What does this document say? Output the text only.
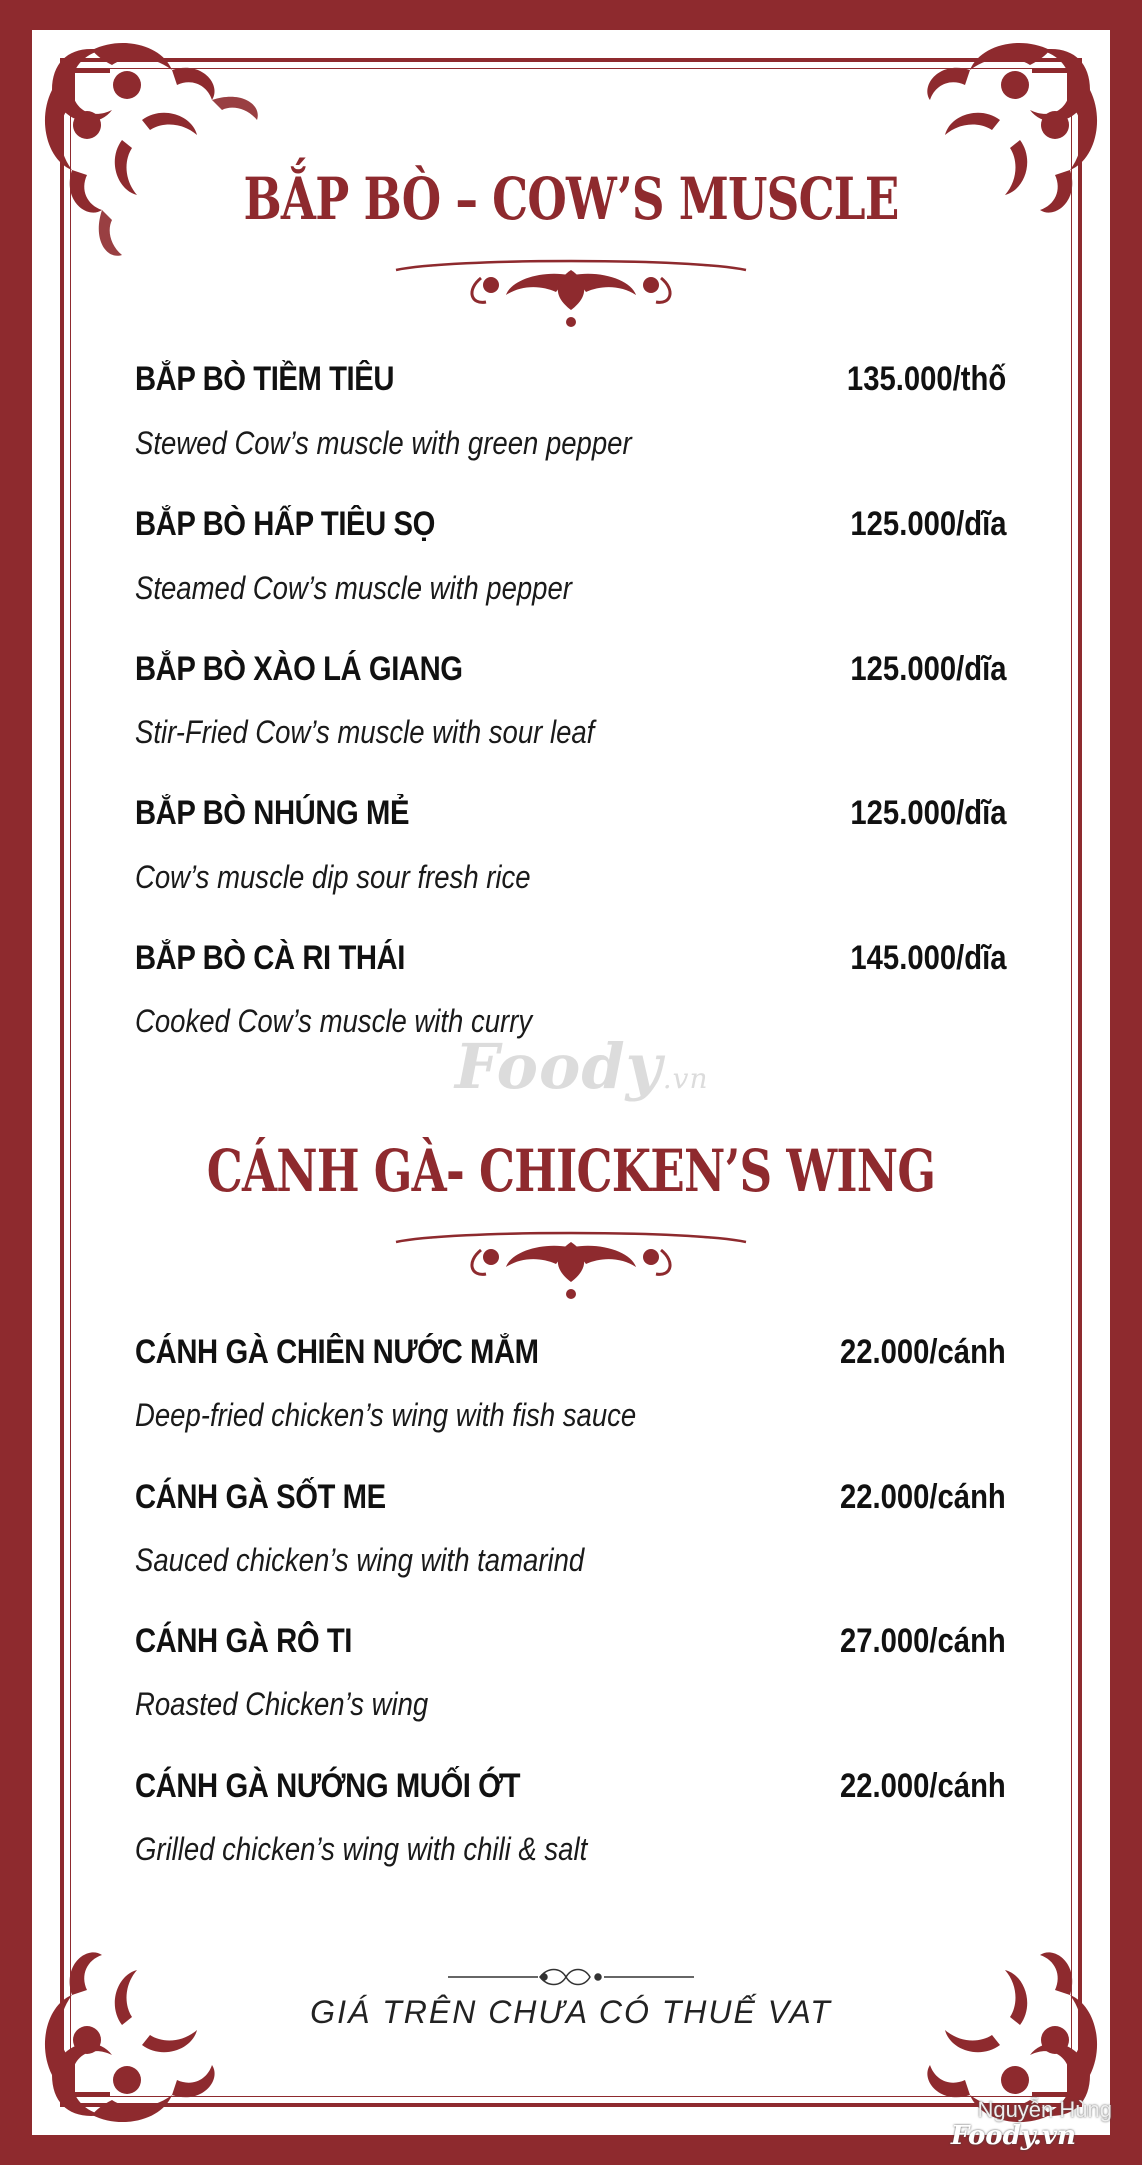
BẮP BÒ – COW’S MUSCLE
BẮP BÒ TIỀM TIÊU	135.000/thố
Stewed Cow’s muscle with green pepper
BẮP BÒ HẤP TIÊU SỌ	125.000/dĩa
Steamed Cow’s muscle with pepper
BẮP BÒ XÀO LÁ GIANG	125.000/dĩa
Stir-Fried Cow’s muscle with sour leaf
BẮP BÒ NHÚNG MẺ	125.000/dĩa
Cow’s muscle dip sour fresh rice
BẮP BÒ CÀ RI THÁI	145.000/dĩa
Cooked Cow’s muscle with curry
Foody.vn
CÁNH GÀ- CHICKEN’S WING
CÁNH GÀ CHIÊN NƯỚC MẮM	22.000/cánh
Deep-fried chicken’s wing with fish sauce
CÁNH GÀ SỐT ME	22.000/cánh
Sauced chicken’s wing with tamarind
CÁNH GÀ RÔ TI	27.000/cánh
Roasted Chicken’s wing
CÁNH GÀ NƯỚNG MUỐI ỚT	22.000/cánh
Grilled chicken’s wing with chili & salt
GIÁ TRÊN CHƯA CÓ THUẾ VAT
Nguyễn Hùng
Foody.vn
